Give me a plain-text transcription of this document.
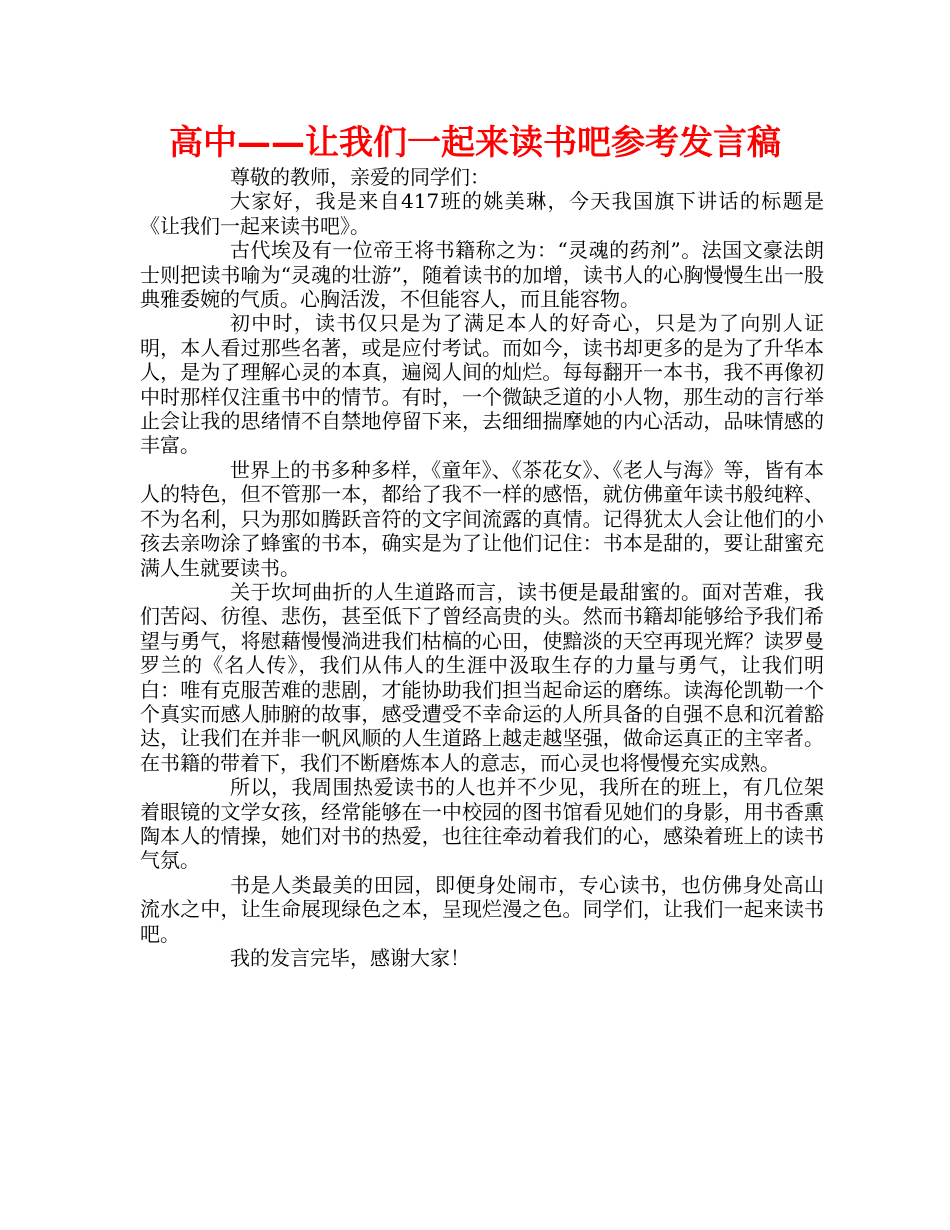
高中——让我们一起来读书吧参考发言稿

尊敬的教师，亲爱的同学们：

大家好，我是来自417班的姚美琳，今天我国旗下讲话的标题是《让我们一起来读书吧》。

古代埃及有一位帝王将书籍称之为：“灵魂的药剂”。法国文豪法朗士则把读书喻为“灵魂的壮游”，随着读书的加增，读书人的心胸慢慢生出一股典雅委婉的气质。心胸活泼，不但能容人，而且能容物。

初中时，读书仅只是为了满足本人的好奇心，只是为了向别人证明，本人看过那些名著，或是应付考试。而如今，读书却更多的是为了升华本人，是为了理解心灵的本真，遍阅人间的灿烂。每每翻开一本书，我不再像初中时那样仅注重书中的情节。有时，一个微缺乏道的小人物，那生动的言行举止会让我的思绪情不自禁地停留下来，去细细揣摩她的内心活动，品味情感的丰富。

世界上的书多种多样，《童年》、《茶花女》、《老人与海》等，皆有本人的特色，但不管那一本，都给了我不一样的感悟，就仿佛童年读书般纯粹、不为名利，只为那如腾跃音符的文字间流露的真情。记得犹太人会让他们的小孩去亲吻涂了蜂蜜的书本，确实是为了让他们记住：书本是甜的，要让甜蜜充满人生就要读书。

关于坎坷曲折的人生道路而言，读书便是最甜蜜的。面对苦难，我们苦闷、彷徨、悲伤，甚至低下了曾经高贵的头。然而书籍却能够给予我们希望与勇气，将慰藉慢慢淌进我们枯槁的心田，使黯淡的天空再现光辉？读罗曼罗兰的《名人传》，我们从伟人的生涯中汲取生存的力量与勇气，让我们明白：唯有克服苦难的悲剧，才能协助我们担当起命运的磨练。读海伦凯勒一个个真实而感人肺腑的故事，感受遭受不幸命运的人所具备的自强不息和沉着豁达，让我们在并非一帆风顺的人生道路上越走越坚强，做命运真正的主宰者。在书籍的带着下，我们不断磨炼本人的意志，而心灵也将慢慢充实成熟。

所以，我周围热爱读书的人也并不少见，我所在的班上，有几位架着眼镜的文学女孩，经常能够在一中校园的图书馆看见她们的身影，用书香熏陶本人的情操，她们对书的热爱，也往往牵动着我们的心，感染着班上的读书气氛。

书是人类最美的田园，即便身处闹市，专心读书，也仿佛身处高山流水之中，让生命展现绿色之本，呈现烂漫之色。同学们，让我们一起来读书吧。

我的发言完毕，感谢大家！
